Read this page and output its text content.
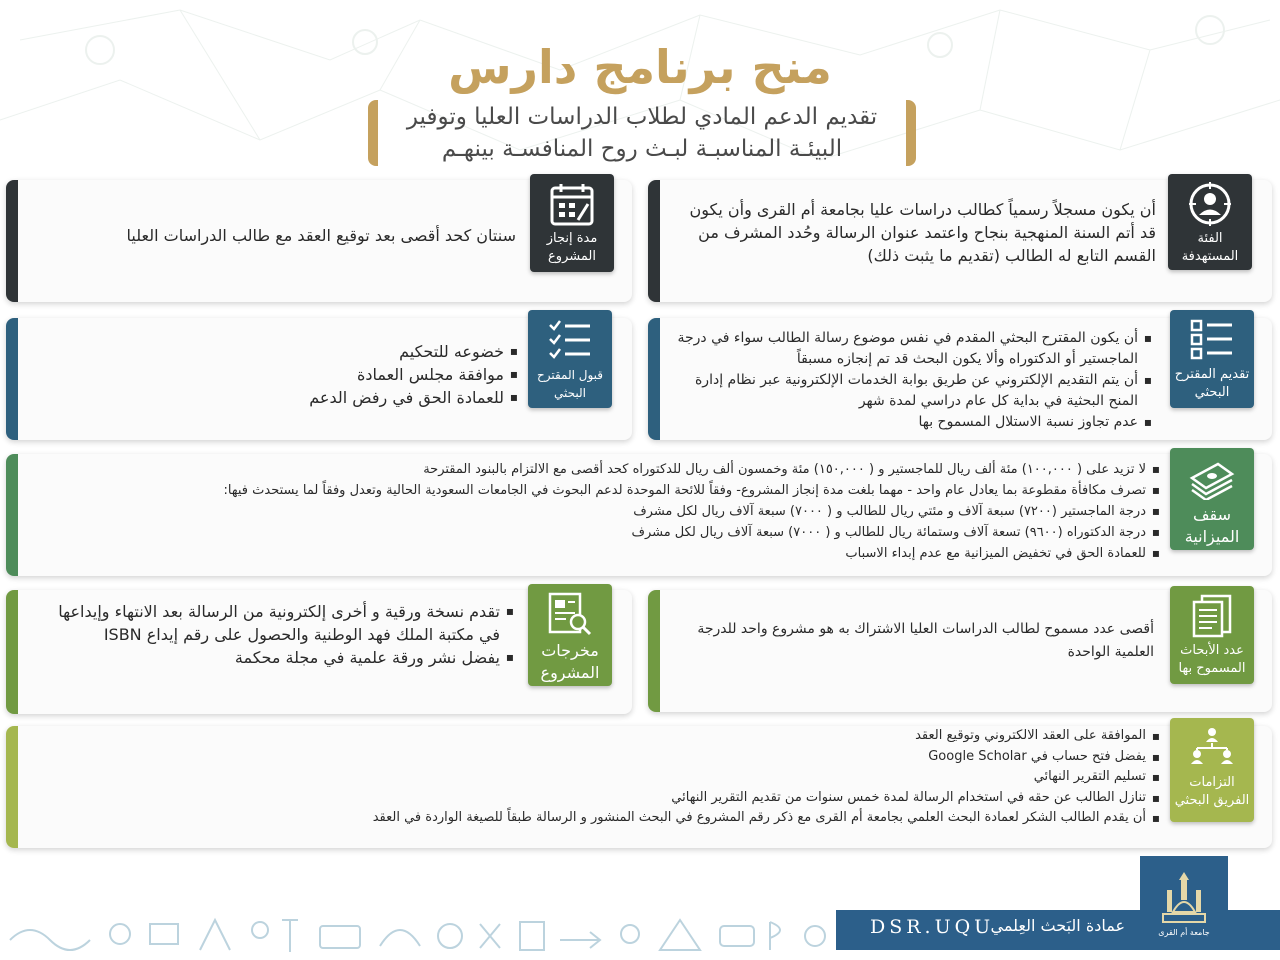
منح برنامج دارس
تقديم الدعم المادي لطلاب الدراسات العليا وتوفير
البيئـة المناسبـة لبـث روح المنافسـة بينهـم
أن يكون مسجلاً رسمياً كطالب دراسات عليا بجامعة أم القرى وأن يكون قد أتم السنة المنهجية بنجاح واعتمد عنوان الرسالة وحُدد المشرف من القسم التابع له الطالب (تقديم ما يثبت ذلك)
الفئة المستهدفة
سنتان كحد أقصى بعد توقيع العقد مع طالب الدراسات العليا	مدة إنجاز المشروع
▪ أن يكون المقترح البحثي المقدم في نفس موضوع رسالة الطالب سواء في درجة الماجستير أو الدكتوراه وألا يكون البحث قد تم إنجازه مسبقاً
▪ أن يتم التقديم الإلكتروني عن طريق بوابة الخدمات الإلكترونية عبر نظام إدارة المنح البحثية في بداية كل عام دراسي لمدة شهر
▪ عدم تجاوز نسبة الاستلال المسموح بها
تقديم المقترح البحثي
▪ خضوعه للتحكيم
▪ موافقة مجلس العمادة
▪ للعمادة الحق في رفض الدعم
قبول المقترح البحثي
▪ لا تزيد على ( ١٠٠,٠٠٠) مئة ألف ريال للماجستير و ( ١٥٠,٠٠٠) مئة وخمسون ألف ريال للدكتوراه كحد أقصى مع الالتزام بالبنود المقترحة
▪ تصرف مكافأة مقطوعة بما يعادل عام واحد - مهما بلغت مدة إنجاز المشروع- وفقاً للائحة الموحدة لدعم البحوث في الجامعات السعودية الحالية وتعدل وفقاً لما يستحدث فيها:
▪ درجة الماجستير (٧٢٠٠) سبعة آلاف و مئتي ريال للطالب و ( ٧٠٠٠) سبعة آلاف ريال لكل مشرف
▪ درجة الدكتوراه (٩٦٠٠) تسعة آلاف وستمائة ريال للطالب و ( ٧٠٠٠) سبعة آلاف ريال لكل مشرف
▪ للعمادة الحق في تخفيض الميزانية مع عدم إبداء الاسباب
سقف الميزانية
أقصى عدد مسموح لطالب الدراسات العليا الاشتراك به هو مشروع واحد للدرجة العلمية الواحدة	عدد الأبحاث المسموح بها
▪ تقدم نسخة ورقية و أخرى إلكترونية من الرسالة بعد الانتهاء وإيداعها في مكتبة الملك فهد الوطنية والحصول على رقم إيداع ISBN
▪ يفضل نشر ورقة علمية في مجلة محكمة	مخرجات المشروع
▪ الموافقة على العقد الالكتروني وتوقيع العقد
▪ يفضل فتح حساب في Google Scholar
▪ تسليم التقرير النهائي
▪ تنازل الطالب عن حقه في استخدام الرسالة لمدة خمس سنوات من تقديم التقرير النهائي
▪ أن يقدم الطالب الشكر لعمادة البحث العلمي بجامعة أم القرى مع ذكر رقم المشروع في البحث المنشور و الرسالة طبقاً للصيغة الواردة في العقد
التزامات الفريق البحثي
DSR.UQU
عمادة البَحث العِلمي	جامعة أم القرى
